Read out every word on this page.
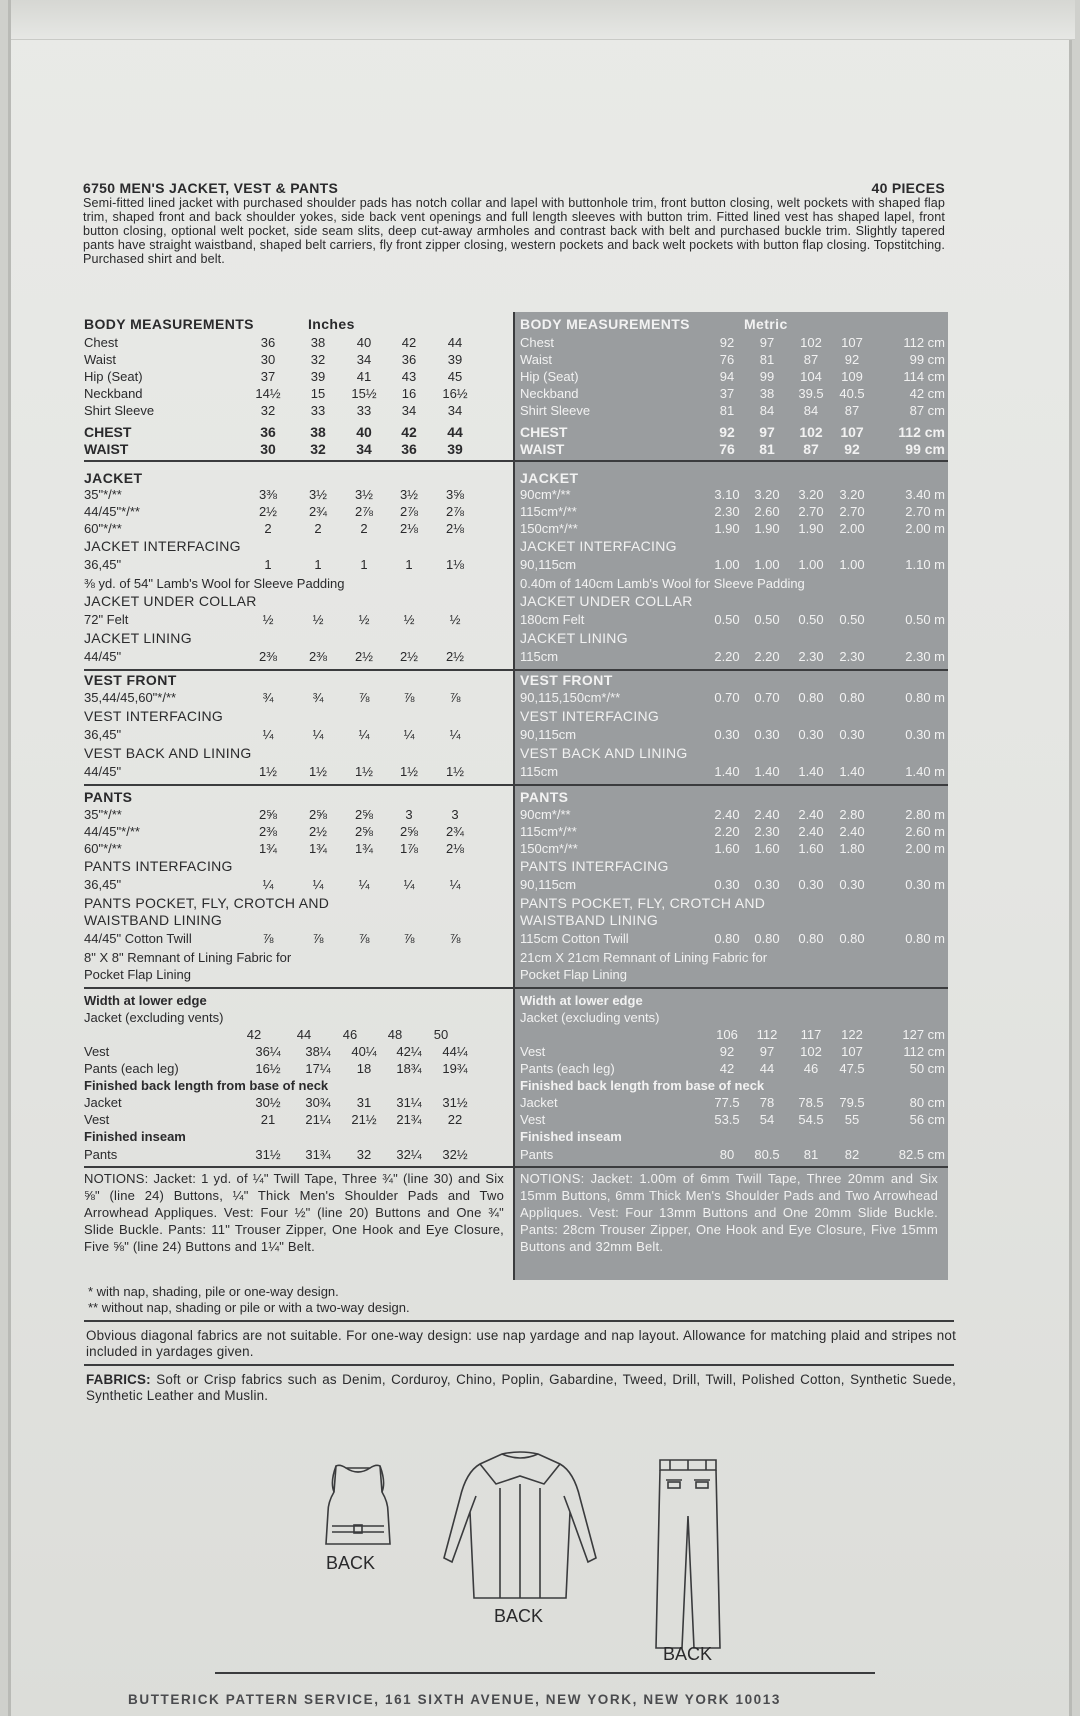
6750 MEN'S JACKET, VEST & PANTS	40 PIECES
Semi-fitted lined jacket with purchased shoulder pads has notch collar and lapel with buttonhole trim, front button closing, welt pockets with shaped flap trim, shaped front and back shoulder yokes, side back vent openings and full length sleeves with button trim. Fitted lined vest has shaped lapel, front button closing, optional welt pocket, side seam slits, deep cut-away armholes and contrast back with belt and purchased buckle trim. Slightly tapered pants have straight waistband, shaped belt carriers, fly front zipper closing, western pockets and back welt pockets with button flap closing. Topstitching. Purchased shirt and belt.
BODY MEASUREMENTS	Inches
Chest	36	38	40	42	44
Waist	30	32	34	36	39
Hip (Seat)	37	39	41	43	45
Neckband	14½	15	15½	16	16½
Shirt Sleeve	32	33	33	34	34
CHEST	36	38	40	42	44
WAIST	30	32	34	36	39
JACKET
35"*/**	3⅜	3½	3½	3½	3⅝
44/45"*/**	2½	2¾	2⅞	2⅞	2⅞
60"*/**	2	2	2	2⅛	2⅛
JACKET INTERFACING
36,45"	1	1	1	1	1⅛
⅜ yd. of 54" Lamb's Wool for Sleeve Padding
JACKET UNDER COLLAR
72" Felt	½	½	½	½	½
JACKET LINING
44/45"	2⅜	2⅜	2½	2½	2½
VEST FRONT
35,44/45,60"*/**	¾	¾	⅞	⅞	⅞
VEST INTERFACING
36,45"	¼	¼	¼	¼	¼
VEST BACK AND LINING
44/45"	1½	1½	1½	1½	1½
PANTS
35"*/**	2⅝	2⅝	2⅝	3	3
44/45"*/**	2⅜	2½	2⅝	2⅝	2¾
60"*/**	1¾	1¾	1¾	1⅞	2⅛
PANTS INTERFACING
36,45"	¼	¼	¼	¼	¼
PANTS POCKET, FLY, CROTCH AND
WAISTBAND LINING
44/45" Cotton Twill	⅞	⅞	⅞	⅞	⅞
8" X 8" Remnant of Lining Fabric for
Pocket Flap Lining
Width at lower edge
Jacket (excluding vents)
42	44	46	48	50
Vest	36¼	38¼	40¼	42¼	44¼
Pants (each leg)	16½	17¼	18	18¾	19¾
Finished back length from base of neck
Jacket	30½	30¾	31	31¼	31½
Vest	21	21¼	21½	21¾	22
Finished inseam
Pants	31½	31¾	32	32¼	32½
NOTIONS: Jacket: 1 yd. of ¼" Twill Tape, Three ¾" (line 30) and Six ⅝" (line 24) Buttons, ¼" Thick Men's Shoulder Pads and Two Arrowhead Appliques. Vest: Four ½" (line 20) Buttons and One ¾" Slide Buckle. Pants: 11" Trouser Zipper, One Hook and Eye Closure, Five ⅝" (line 24) Buttons and 1¼" Belt.
BODY MEASUREMENTS	Metric
Chest	92	97	102	107	112 cm
Waist	76	81	87	92	99 cm
Hip (Seat)	94	99	104	109	114 cm
Neckband	37	38	39.5	40.5	42 cm
Shirt Sleeve	81	84	84	87	87 cm
CHEST	92	97	102	107	112 cm
WAIST	76	81	87	92	99 cm
JACKET
90cm*/**	3.10	3.20	3.20	3.20	3.40 m
115cm*/**	2.30	2.60	2.70	2.70	2.70 m
150cm*/**	1.90	1.90	1.90	2.00	2.00 m
JACKET INTERFACING
90,115cm	1.00	1.00	1.00	1.00	1.10 m
0.40m of 140cm Lamb's Wool for Sleeve Padding
JACKET UNDER COLLAR
180cm Felt	0.50	0.50	0.50	0.50	0.50 m
JACKET LINING
115cm	2.20	2.20	2.30	2.30	2.30 m
VEST FRONT
90,115,150cm*/**	0.70	0.70	0.80	0.80	0.80 m
VEST INTERFACING
90,115cm	0.30	0.30	0.30	0.30	0.30 m
VEST BACK AND LINING
115cm	1.40	1.40	1.40	1.40	1.40 m
PANTS
90cm*/**	2.40	2.40	2.40	2.80	2.80 m
115cm*/**	2.20	2.30	2.40	2.40	2.60 m
150cm*/**	1.60	1.60	1.60	1.80	2.00 m
PANTS INTERFACING
90,115cm	0.30	0.30	0.30	0.30	0.30 m
PANTS POCKET, FLY, CROTCH AND
WAISTBAND LINING
115cm Cotton Twill	0.80	0.80	0.80	0.80	0.80 m
21cm X 21cm Remnant of Lining Fabric for
Pocket Flap Lining
Width at lower edge
Jacket (excluding vents)
106	112	117	122	127 cm
Vest	92	97	102	107	112 cm
Pants (each leg)	42	44	46	47.5	50 cm
Finished back length from base of neck
Jacket	77.5	78	78.5	79.5	80 cm
Vest	53.5	54	54.5	55	56 cm
Finished inseam
Pants	80	80.5	81	82	82.5 cm
NOTIONS: Jacket: 1.00m of 6mm Twill Tape, Three 20mm and Six 15mm Buttons, 6mm Thick Men's Shoulder Pads and Two Arrowhead Appliques. Vest: Four 13mm Buttons and One 20mm Slide Buckle. Pants: 28cm Trouser Zipper, One Hook and Eye Closure, Five 15mm Buttons and 32mm Belt.
* with nap, shading, pile or one-way design.
** without nap, shading or pile or with a two-way design.
Obvious diagonal fabrics are not suitable. For one-way design: use nap yardage and nap layout. Allowance for matching plaid and stripes not included in yardages given.
FABRICS: Soft or Crisp fabrics such as Denim, Corduroy, Chino, Poplin, Gabardine, Tweed, Drill, Twill, Polished Cotton, Synthetic Suede, Synthetic Leather and Muslin.
BACK
BACK
BACK
BUTTERICK PATTERN SERVICE, 161 SIXTH AVENUE, NEW YORK, NEW YORK 10013
